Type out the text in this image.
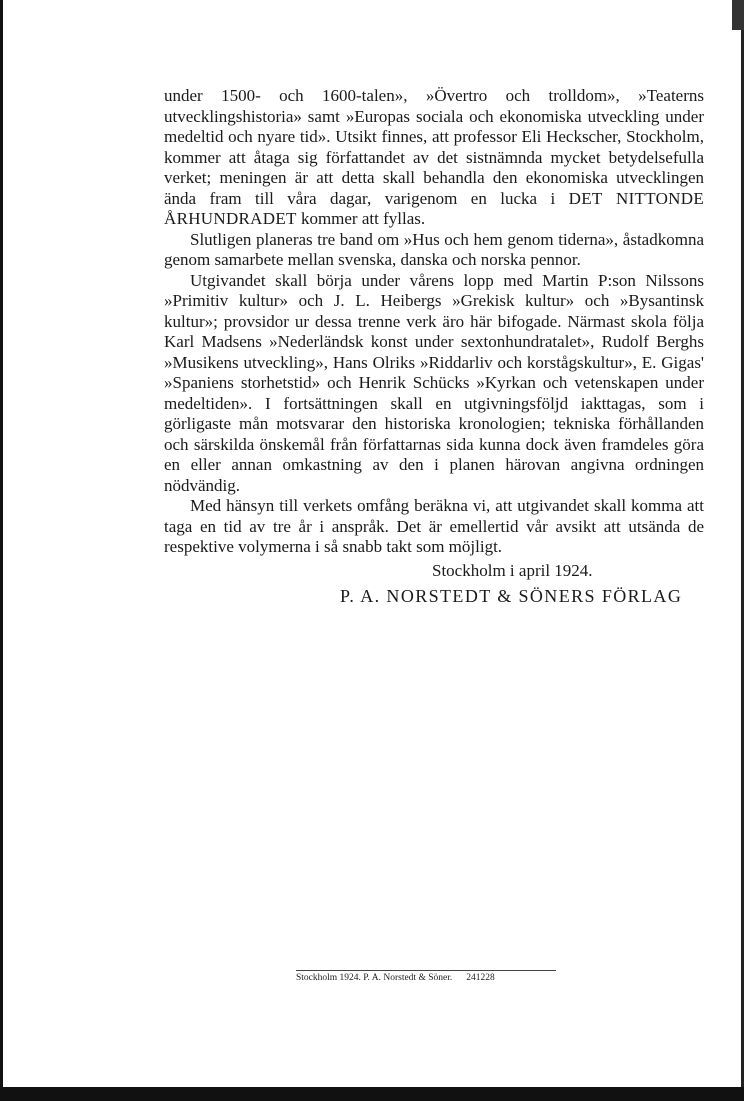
under 1500- och 1600-talen», »Övertro och trolldom», »Teaterns utvecklingshistoria» samt »Europas sociala och ekonomiska utveckling under medeltid och nyare tid». Utsikt finnes, att professor Eli Heckscher, Stockholm, kommer att åtaga sig författandet av det sistnämnda mycket betydelsefulla verket; meningen är att detta skall behandla den ekonomiska utvecklingen ända fram till våra dagar, varigenom en lucka i DET NITTONDE ÅRHUNDRADET kommer att fyllas.

Slutligen planeras tre band om »Hus och hem genom tiderna», åstadkomna genom samarbete mellan svenska, danska och norska pennor.

Utgivandet skall börja under vårens lopp med Martin P:son Nilssons »Primitiv kultur» och J. L. Heibergs »Grekisk kultur» och »Bysantinsk kultur»; provsidor ur dessa trenne verk äro här bifogade. Närmast skola följa Karl Madsens »Nederländsk konst under sextonhundratalet», Rudolf Berghs »Musikens utveckling», Hans Olriks »Riddarliv och korstågskultur», E. Gigas' »Spaniens storhetstid» och Henrik Schücks »Kyrkan och vetenskapen under medeltiden». I fortsättningen skall en utgivningsföljd iakttagas, som i görligaste mån motsvarar den historiska kronologien; tekniska förhållanden och särskilda önskemål från författarnas sida kunna dock även framdeles göra en eller annan omkastning av den i planen härovan angivna ordningen nödvändig.

Med hänsyn till verkets omfång beräkna vi, att utgivandet skall komma att taga en tid av tre år i anspråk. Det är emellertid vår avsikt att utsända de respektive volymerna i så snabb takt som möjligt.

Stockholm i april 1924.

P. A. NORSTEDT & SÖNERS FÖRLAG

Stockholm 1924. P. A. Norstedt & Söner. 241228
